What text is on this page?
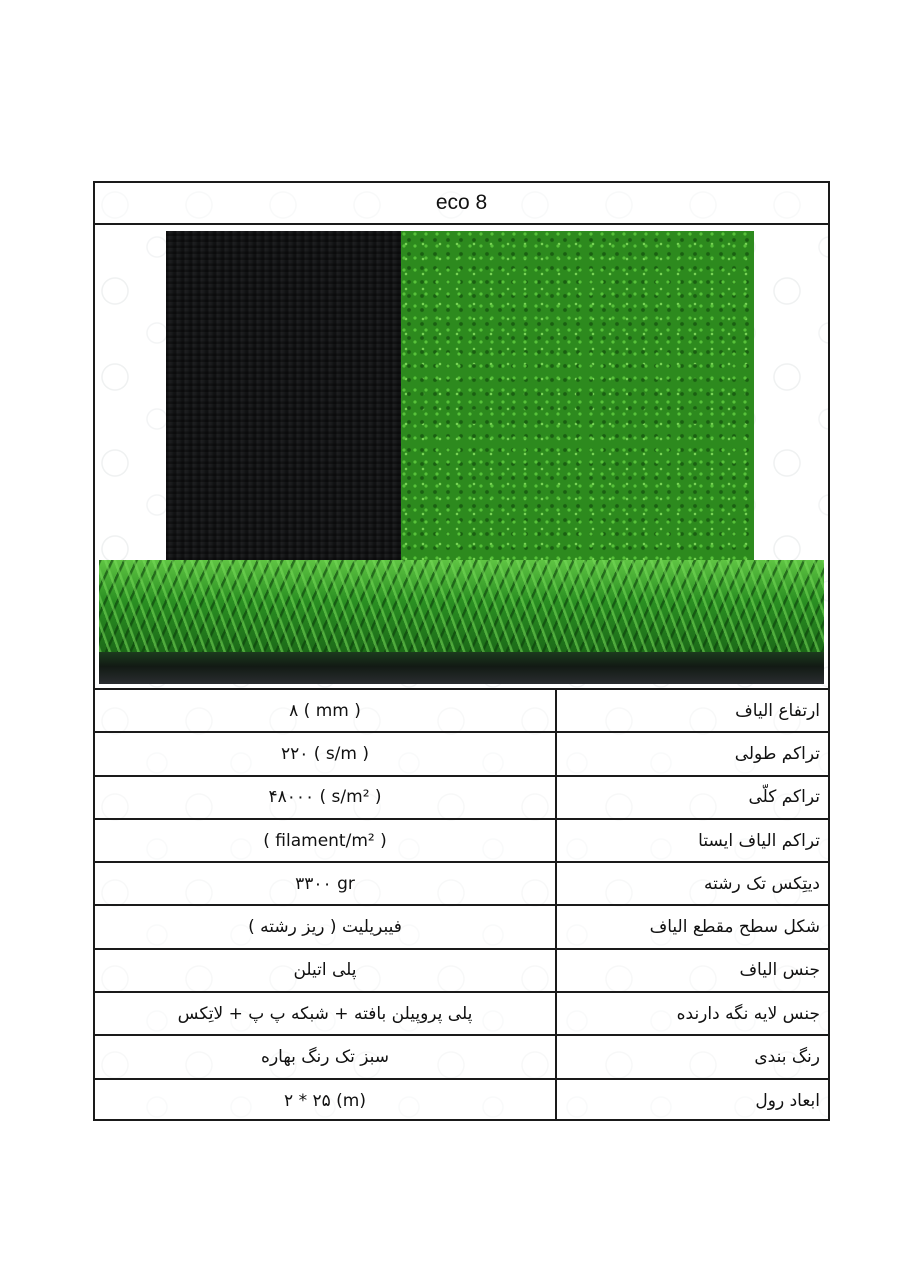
eco 8
۸ ( mm )	ارتفاع الیاف
۲۲۰ ( s/m )	تراکم طولی
۴۸۰۰۰ ( s/m² )	تراکم کلّی
( filament/m² )	تراکم الیاف ایستا
۳۳۰۰ gr	دیتِکس تک رشته
فیبریلیت ( ریز رشته )	شکل سطح مقطع الیاف
پلی اتیلن	جنس الیاف
پلی پروپیلن بافته + شبکه پ پ + لاتِکس	جنس لایه نگه دارنده
سبز تک رنگ بهاره	رنگ بندی
۲ * ۲۵ (m)	ابعاد رول
